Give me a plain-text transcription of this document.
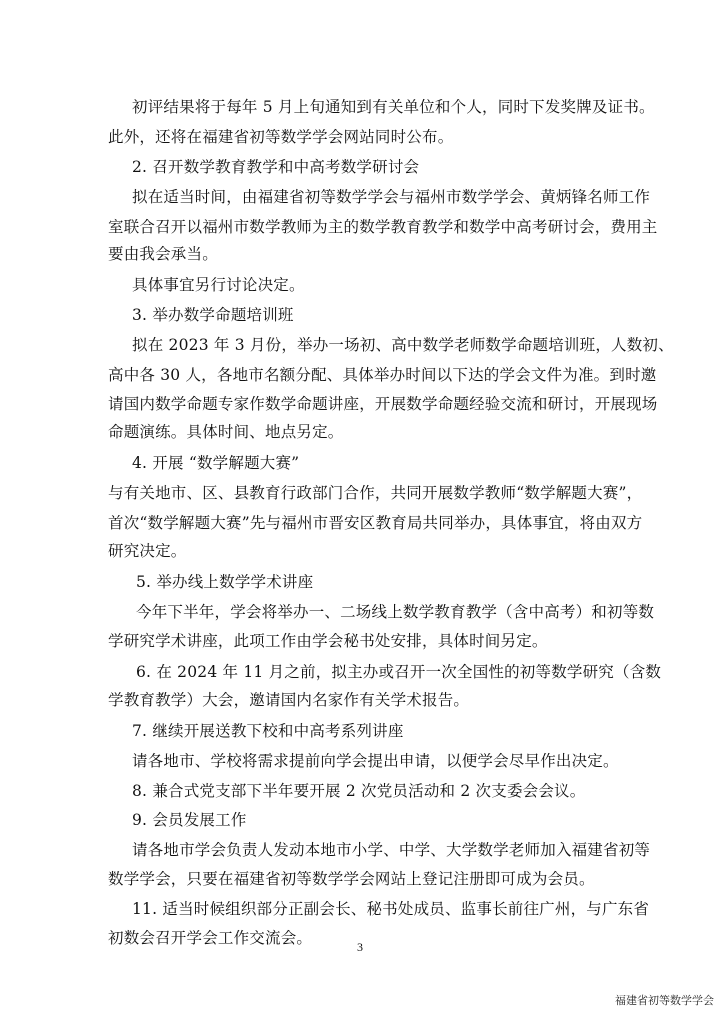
初评结果将于每年 5 月上旬通知到有关单位和个人，同时下发奖牌及证书。
此外，还将在福建省初等数学学会网站同时公布。
2. 召开数学教育教学和中高考数学研讨会
拟在适当时间，由福建省初等数学学会与福州市数学学会、黄炳锋名师工作
室联合召开以福州市数学教师为主的数学教育教学和数学中高考研讨会，费用主
要由我会承当。
具体事宜另行讨论决定。
3. 举办数学命题培训班
拟在 2023 年 3 月份，举办一场初、高中数学老师数学命题培训班，人数初、
高中各 30 人，各地市名额分配、具体举办时间以下达的学会文件为准。到时邀
请国内数学命题专家作数学命题讲座，开展数学命题经验交流和研讨，开展现场
命题演练。具体时间、地点另定。
4. 开展 “数学解题大赛”
与有关地市、区、县教育行政部门合作，共同开展数学教师“数学解题大赛”，
首次“数学解题大赛”先与福州市晋安区教育局共同举办，具体事宜，将由双方
研究决定。
5. 举办线上数学学术讲座
今年下半年，学会将举办一、二场线上数学教育教学（含中高考）和初等数
学研究学术讲座，此项工作由学会秘书处安排，具体时间另定。
6. 在 2024 年 11 月之前，拟主办或召开一次全国性的初等数学研究（含数
学教育教学）大会，邀请国内名家作有关学术报告。
7. 继续开展送教下校和中高考系列讲座
请各地市、学校将需求提前向学会提出申请，以便学会尽早作出决定。
8. 兼合式党支部下半年要开展 2 次党员活动和 2 次支委会会议。
9. 会员发展工作
请各地市学会负责人发动本地市小学、中学、大学数学老师加入福建省初等
数学学会，只要在福建省初等数学学会网站上登记注册即可成为会员。
11. 适当时候组织部分正副会长、秘书处成员、监事长前往广州，与广东省
初数会召开学会工作交流会。	3
福建省初等数学学会
